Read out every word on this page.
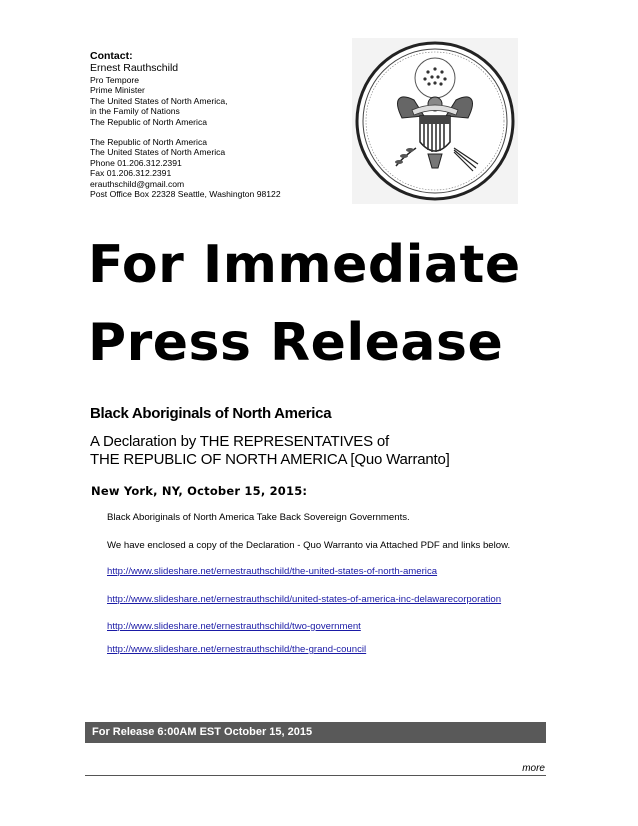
Contact:
Ernest Rauthschild
Pro Tempore
Prime Minister
The United States of North America,
in the Family of Nations
The Republic of North America
The Republic of North America
The United States of North America
Phone 01.206.312.2391
Fax 01.206.312.2391
erauthschild@gmail.com
Post Office Box 22328 Seattle, Washington 98122
For Immediate
Press Release
Black Aboriginals of North America
A Declaration by THE REPRESENTATIVES of
THE REPUBLIC OF NORTH AMERICA [Quo Warranto]
New York, NY, October 15, 2015:
Black Aboriginals of North America Take Back Sovereign Governments.
We have enclosed a copy of the Declaration - Quo Warranto via Attached PDF and links below.
http://www.slideshare.net/ernestrauthschild/the-united-states-of-north-america
http://www.slideshare.net/ernestrauthschild/united-states-of-america-inc-delawarecorporation
http://www.slideshare.net/ernestrauthschild/two-government
http://www.slideshare.net/ernestrauthschild/the-grand-council
For Release 6:00AM EST October 15, 2015
more
